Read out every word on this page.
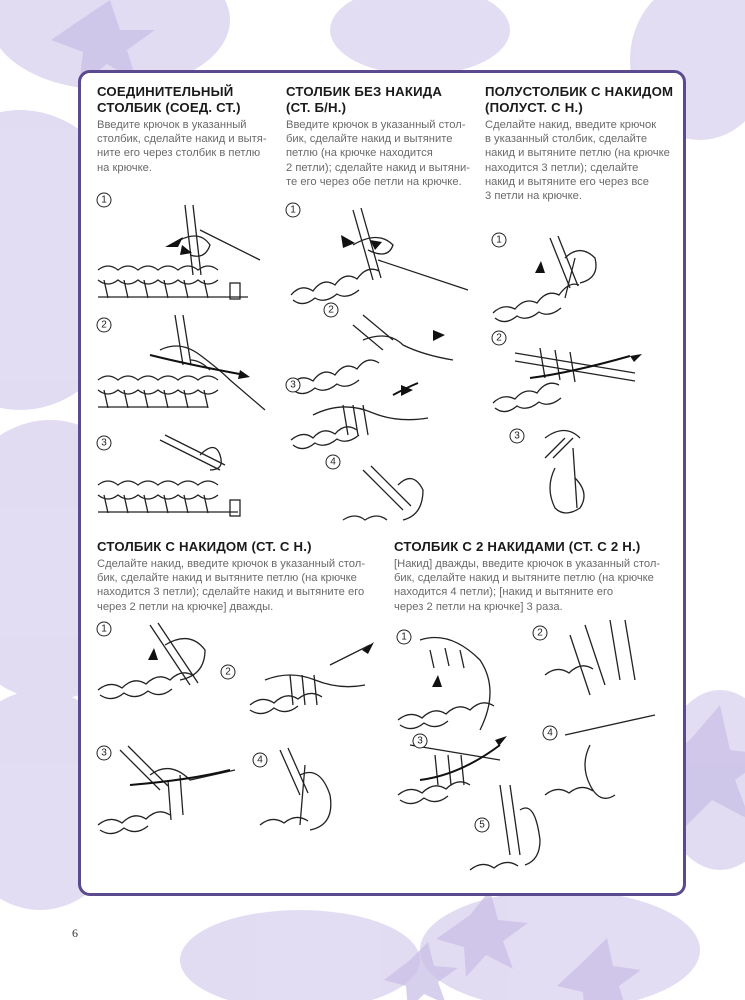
СОЕДИНИТЕЛЬНЫЙ
СТОЛБИК (СОЕД. СТ.)
Введите крючок в указанный
столбик, сделайте накид и вытя-
ните его через столбик в петлю
на крючке.
СТОЛБИК БЕЗ НАКИДА
(СТ. Б/Н.)
Введите крючок в указанный стол-
бик, сделайте накид и вытяните
петлю (на крючке находится
2 петли); сделайте накид и вытяни-
те его через обе петли на крючке.
ПОЛУСТОЛБИК С НАКИДОМ
(ПОЛУСТ. С Н.)
Сделайте накид, введите крючок
в указанный столбик, сделайте
накид и вытяните петлю (на крючке
находится 3 петли); сделайте
накид и вытяните его через все
3 петли на крючке.
СТОЛБИК С НАКИДОМ (СТ. С Н.)
Сделайте накид, введите крючок в указанный стол-
бик, сделайте накид и вытяните петлю (на крючке
находится 3 петли); сделайте накид и вытяните его
через 2 петли на крючке] дважды.
СТОЛБИК С 2 НАКИДАМИ (СТ. С 2 Н.)
[Накид] дважды, введите крючок в указанный стол-
бик, сделайте накид и вытяните петлю (на крючке
находится 4 петли); [накид и вытяните его
через 2 петли на крючке] 3 раза.
1
2
3
1
2
3
4
1
2
3
1
2
3
4
1	2
3
4
5
6
